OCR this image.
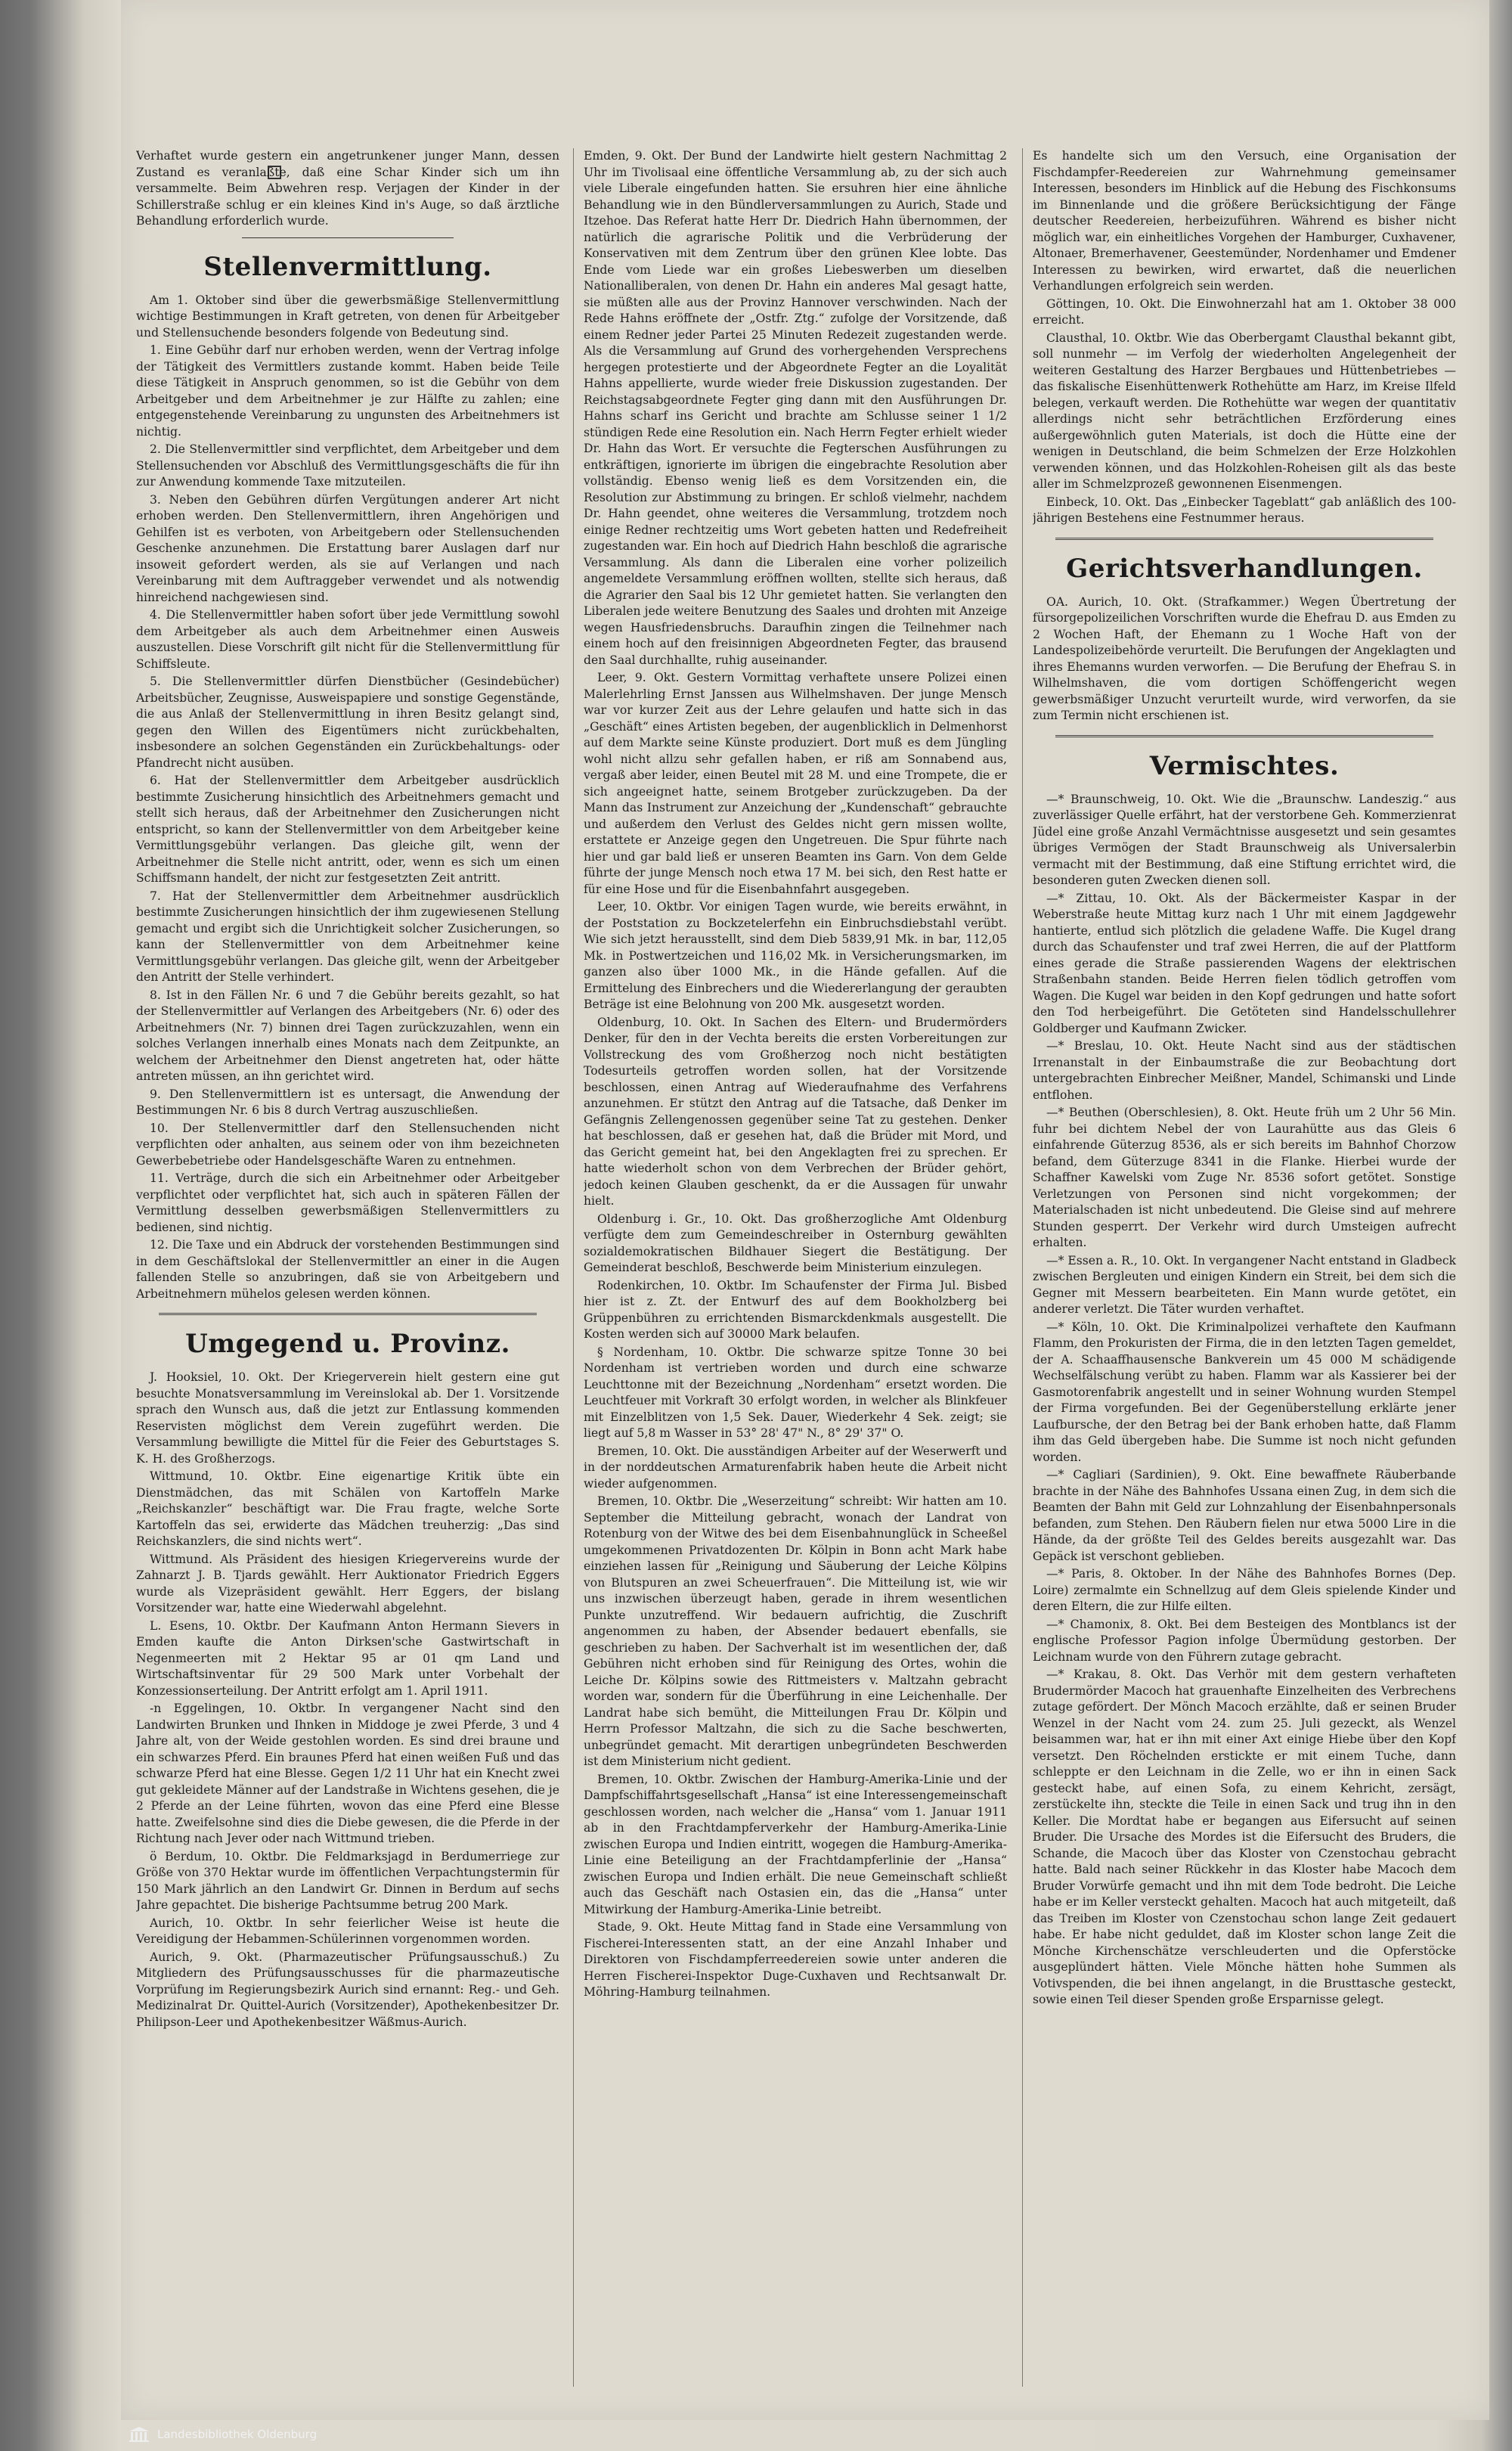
Verhaftet wurde gestern ein angetrunkener junger Mann, dessen Zustand es veranlaßte, daß eine Schar Kinder sich um ihn versammelte. Beim Abwehren resp. Verjagen der Kinder in der Schillerstraße schlug er ein kleines Kind in's Auge, so daß ärztliche Behandlung erforderlich wurde.

Stellenvermittlung.

Am 1. Oktober sind über die gewerbsmäßige Stellenvermittlung wichtige Bestimmungen in Kraft getreten, von denen für Arbeitgeber und Stellensuchende besonders folgende von Bedeutung sind.

1. Eine Gebühr darf nur erhoben werden, wenn der Vertrag infolge der Tätigkeit des Vermittlers zustande kommt. Haben beide Teile diese Tätigkeit in Anspruch genommen, so ist die Gebühr von dem Arbeitgeber und dem Arbeitnehmer je zur Hälfte zu zahlen; eine entgegenstehende Vereinbarung zu ungunsten des Arbeitnehmers ist nichtig.

2. Die Stellenvermittler sind verpflichtet, dem Arbeitgeber und dem Stellensuchenden vor Abschluß des Vermittlungsgeschäfts die für ihn zur Anwendung kommende Taxe mitzuteilen.

3. Neben den Gebühren dürfen Vergütungen anderer Art nicht erhoben werden. Den Stellenvermittlern, ihren Angehörigen und Gehilfen ist es verboten, von Arbeitgebern oder Stellensuchenden Geschenke anzunehmen. Die Erstattung barer Auslagen darf nur insoweit gefordert werden, als sie auf Verlangen und nach Vereinbarung mit dem Auftraggeber verwendet und als notwendig hinreichend nachgewiesen sind.

4. Die Stellenvermittler haben sofort über jede Vermittlung sowohl dem Arbeitgeber als auch dem Arbeitnehmer einen Ausweis auszustellen. Diese Vorschrift gilt nicht für die Stellenvermittlung für Schiffsleute.

5. Die Stellenvermittler dürfen Dienstbücher (Gesindebücher) Arbeitsbücher, Zeugnisse, Ausweispapiere und sonstige Gegenstände, die aus Anlaß der Stellenvermittlung in ihren Besitz gelangt sind, gegen den Willen des Eigentümers nicht zurückbehalten, insbesondere an solchen Gegenständen ein Zurückbehaltungs- oder Pfandrecht nicht ausüben.

6. Hat der Stellenvermittler dem Arbeitgeber ausdrücklich bestimmte Zusicherung hinsichtlich des Arbeitnehmers gemacht und stellt sich heraus, daß der Arbeitnehmer den Zusicherungen nicht entspricht, so kann der Stellenvermittler von dem Arbeitgeber keine Vermittlungsgebühr verlangen. Das gleiche gilt, wenn der Arbeitnehmer die Stelle nicht antritt, oder, wenn es sich um einen Schiffsmann handelt, der nicht zur festgesetzten Zeit antritt.

7. Hat der Stellenvermittler dem Arbeitnehmer ausdrücklich bestimmte Zusicherungen hinsichtlich der ihm zugewiesenen Stellung gemacht und ergibt sich die Unrichtigkeit solcher Zusicherungen, so kann der Stellenvermittler von dem Arbeitnehmer keine Vermittlungsgebühr verlangen. Das gleiche gilt, wenn der Arbeitgeber den Antritt der Stelle verhindert.

8. Ist in den Fällen Nr. 6 und 7 die Gebühr bereits gezahlt, so hat der Stellenvermittler auf Verlangen des Arbeitgebers (Nr. 6) oder des Arbeitnehmers (Nr. 7) binnen drei Tagen zurückzuzahlen, wenn ein solches Verlangen innerhalb eines Monats nach dem Zeitpunkte, an welchem der Arbeitnehmer den Dienst angetreten hat, oder hätte antreten müssen, an ihn gerichtet wird.

9. Den Stellenvermittlern ist es untersagt, die Anwendung der Bestimmungen Nr. 6 bis 8 durch Vertrag auszuschließen.

10. Der Stellenvermittler darf den Stellensuchenden nicht verpflichten oder anhalten, aus seinem oder von ihm bezeichneten Gewerbebetriebe oder Handelsgeschäfte Waren zu entnehmen.

11. Verträge, durch die sich ein Arbeitnehmer oder Arbeitgeber verpflichtet oder verpflichtet hat, sich auch in späteren Fällen der Vermittlung desselben gewerbsmäßigen Stellenvermittlers zu bedienen, sind nichtig.

12. Die Taxe und ein Abdruck der vorstehenden Bestimmungen sind in dem Geschäftslokal der Stellenvermittler an einer in die Augen fallenden Stelle so anzubringen, daß sie von Arbeitgebern und Arbeitnehmern mühelos gelesen werden können.

Umgegend u. Provinz.

J. Hooksiel, 10. Okt. Der Kriegerverein hielt gestern eine gut besuchte Monatsversammlung im Vereinslokal ab. Der 1. Vorsitzende sprach den Wunsch aus, daß die jetzt zur Entlassung kommenden Reservisten möglichst dem Verein zugeführt werden. Die Versammlung bewilligte die Mittel für die Feier des Geburtstages S. K. H. des Großherzogs.

Wittmund, 10. Oktbr. Eine eigenartige Kritik übte ein Dienstmädchen, das mit Schälen von Kartoffeln Marke „Reichskanzler“ beschäftigt war. Die Frau fragte, welche Sorte Kartoffeln das sei, erwiderte das Mädchen treuherzig: „Das sind Reichskanzlers, die sind nichts wert“.

Wittmund. Als Präsident des hiesigen Kriegervereins wurde der Zahnarzt J. B. Tjards gewählt. Herr Auktionator Friedrich Eggers wurde als Vizepräsident gewählt. Herr Eggers, der bislang Vorsitzender war, hatte eine Wiederwahl abgelehnt.

L. Esens, 10. Oktbr. Der Kaufmann Anton Hermann Sievers in Emden kaufte die Anton Dirksen'sche Gastwirtschaft in Negenmeerten mit 2 Hektar 95 ar 01 qm Land und Wirtschaftsinventar für 29 500 Mark unter Vorbehalt der Konzessionserteilung. Der Antritt erfolgt am 1. April 1911.

-n Eggelingen, 10. Oktbr. In vergangener Nacht sind den Landwirten Brunken und Ihnken in Middoge je zwei Pferde, 3 und 4 Jahre alt, von der Weide gestohlen worden. Es sind drei braune und ein schwarzes Pferd. Ein braunes Pferd hat einen weißen Fuß und das schwarze Pferd hat eine Blesse. Gegen 1/2 11 Uhr hat ein Knecht zwei gut gekleidete Männer auf der Landstraße in Wichtens gesehen, die je 2 Pferde an der Leine führten, wovon das eine Pferd eine Blesse hatte. Zweifelsohne sind dies die Diebe gewesen, die die Pferde in der Richtung nach Jever oder nach Wittmund trieben.

ö Berdum, 10. Oktbr. Die Feldmarksjagd in Berdumerriege zur Größe von 370 Hektar wurde im öffentlichen Verpachtungstermin für 150 Mark jährlich an den Landwirt Gr. Dinnen in Berdum auf sechs Jahre gepachtet. Die bisherige Pachtsumme betrug 200 Mark.

Aurich, 10. Oktbr. In sehr feierlicher Weise ist heute die Vereidigung der Hebammen-Schülerinnen vorgenommen worden.

Aurich, 9. Okt. (Pharmazeutischer Prüfungsausschuß.) Zu Mitgliedern des Prüfungsausschusses für die pharmazeutische Vorprüfung im Regierungsbezirk Aurich sind ernannt: Reg.- und Geh. Medizinalrat Dr. Quittel-Aurich (Vorsitzender), Apothekenbesitzer Dr. Philipson-Leer und Apothekenbesitzer Wäßmus-Aurich.

Emden, 9. Okt. Der Bund der Landwirte hielt gestern Nachmittag 2 Uhr im Tivolisaal eine öffentliche Versammlung ab, zu der sich auch viele Liberale eingefunden hatten. Sie ersuhren hier eine ähnliche Behandlung wie in den Bündlerversammlungen zu Aurich, Stade und Itzehoe. Das Referat hatte Herr Dr. Diedrich Hahn übernommen, der natürlich die agrarische Politik und die Verbrüderung der Konservativen mit dem Zentrum über den grünen Klee lobte. Das Ende vom Liede war ein großes Liebeswerben um dieselben Nationalliberalen, von denen Dr. Hahn ein anderes Mal gesagt hatte, sie müßten alle aus der Provinz Hannover verschwinden. Nach der Rede Hahns eröffnete der „Ostfr. Ztg.“ zufolge der Vorsitzende, daß einem Redner jeder Partei 25 Minuten Redezeit zugestanden werde. Als die Versammlung auf Grund des vorhergehenden Versprechens hergegen protestierte und der Abgeordnete Fegter an die Loyalität Hahns appellierte, wurde wieder freie Diskussion zugestanden. Der Reichstagsabgeordnete Fegter ging dann mit den Ausführungen Dr. Hahns scharf ins Gericht und brachte am Schlusse seiner 1 1/2 stündigen Rede eine Resolution ein. Nach Herrn Fegter erhielt wieder Dr. Hahn das Wort. Er versuchte die Fegterschen Ausführungen zu entkräftigen, ignorierte im übrigen die eingebrachte Resolution aber vollständig. Ebenso wenig ließ es dem Vorsitzenden ein, die Resolution zur Abstimmung zu bringen. Er schloß vielmehr, nachdem Dr. Hahn geendet, ohne weiteres die Versammlung, trotzdem noch einige Redner rechtzeitig ums Wort gebeten hatten und Redefreiheit zugestanden war. Ein hoch auf Diedrich Hahn beschloß die agrarische Versammlung. Als dann die Liberalen eine vorher polizeilich angemeldete Versammlung eröffnen wollten, stellte sich heraus, daß die Agrarier den Saal bis 12 Uhr gemietet hatten. Sie verlangten den Liberalen jede weitere Benutzung des Saales und drohten mit Anzeige wegen Hausfriedensbruchs. Daraufhin zingen die Teilnehmer nach einem hoch auf den freisinnigen Abgeordneten Fegter, das brausend den Saal durchhallte, ruhig auseinander.

Leer, 9. Okt. Gestern Vormittag verhaftete unsere Polizei einen Malerlehrling Ernst Janssen aus Wilhelmshaven. Der junge Mensch war vor kurzer Zeit aus der Lehre gelaufen und hatte sich in das „Geschäft“ eines Artisten begeben, der augenblicklich in Delmenhorst auf dem Markte seine Künste produziert. Dort muß es dem Jüngling wohl nicht allzu sehr gefallen haben, er riß am Sonnabend aus, vergaß aber leider, einen Beutel mit 28 M. und eine Trompete, die er sich angeeignet hatte, seinem Brotgeber zurückzugeben. Da der Mann das Instrument zur Anzeichung der „Kundenschaft“ gebrauchte und außerdem den Verlust des Geldes nicht gern missen wollte, erstattete er Anzeige gegen den Ungetreuen. Die Spur führte nach hier und gar bald ließ er unseren Beamten ins Garn. Von dem Gelde führte der junge Mensch noch etwa 17 M. bei sich, den Rest hatte er für eine Hose und für die Eisenbahnfahrt ausgegeben.

Leer, 10. Oktbr. Vor einigen Tagen wurde, wie bereits erwähnt, in der Poststation zu Bockzetelerfehn ein Einbruchsdiebstahl verübt. Wie sich jetzt herausstellt, sind dem Dieb 5839,91 Mk. in bar, 112,05 Mk. in Postwertzeichen und 116,02 Mk. in Versicherungsmarken, im ganzen also über 1000 Mk., in die Hände gefallen. Auf die Ermittelung des Einbrechers und die Wiedererlangung der geraubten Beträge ist eine Belohnung von 200 Mk. ausgesetzt worden.

Oldenburg, 10. Okt. In Sachen des Eltern- und Brudermörders Denker, für den in der Vechta bereits die ersten Vorbereitungen zur Vollstreckung des vom Großherzog noch nicht bestätigten Todesurteils getroffen worden sollen, hat der Vorsitzende beschlossen, einen Antrag auf Wiederaufnahme des Verfahrens anzunehmen. Er stützt den Antrag auf die Tatsache, daß Denker im Gefängnis Zellengenossen gegenüber seine Tat zu gestehen. Denker hat beschlossen, daß er gesehen hat, daß die Brüder mit Mord, und das Gericht gemeint hat, bei den Angeklagten frei zu sprechen. Er hatte wiederholt schon von dem Verbrechen der Brüder gehört, jedoch keinen Glauben geschenkt, da er die Aussagen für unwahr hielt.

Oldenburg i. Gr., 10. Okt. Das großherzogliche Amt Oldenburg verfügte dem zum Gemeindeschreiber in Osternburg gewählten sozialdemokratischen Bildhauer Siegert die Bestätigung. Der Gemeinderat beschloß, Beschwerde beim Ministerium einzulegen.

Rodenkirchen, 10. Oktbr. Im Schaufenster der Firma Jul. Bisbed hier ist z. Zt. der Entwurf des auf dem Bookholzberg bei Grüppenbühren zu errichtenden Bismarckdenkmals ausgestellt. Die Kosten werden sich auf 30000 Mark belaufen.

§ Nordenham, 10. Oktbr. Die schwarze spitze Tonne 30 bei Nordenham ist vertrieben worden und durch eine schwarze Leuchttonne mit der Bezeichnung „Nordenham“ ersetzt worden. Die Leuchtfeuer mit Vorkraft 30 erfolgt worden, in welcher als Blinkfeuer mit Einzelblitzen von 1,5 Sek. Dauer, Wiederkehr 4 Sek. zeigt; sie liegt auf 5,8 m Wasser in 53° 28' 47" N., 8° 29' 37" O.

Bremen, 10. Okt. Die ausständigen Arbeiter auf der Weserwerft und in der norddeutschen Armaturenfabrik haben heute die Arbeit nicht wieder aufgenommen.

Bremen, 10. Oktbr. Die „Weserzeitung“ schreibt: Wir hatten am 10. September die Mitteilung gebracht, wonach der Landrat von Rotenburg von der Witwe des bei dem Eisenbahnunglück in Scheeßel umgekommenen Privatdozenten Dr. Kölpin in Bonn acht Mark habe einziehen lassen für „Reinigung und Säuberung der Leiche Kölpins von Blutspuren an zwei Scheuerfrauen“. Die Mitteilung ist, wie wir uns inzwischen überzeugt haben, gerade in ihrem wesentlichen Punkte unzutreffend. Wir bedauern aufrichtig, die Zuschrift angenommen zu haben, der Absender bedauert ebenfalls, sie geschrieben zu haben. Der Sachverhalt ist im wesentlichen der, daß Gebühren nicht erhoben sind für Reinigung des Ortes, wohin die Leiche Dr. Kölpins sowie des Rittmeisters v. Maltzahn gebracht worden war, sondern für die Überführung in eine Leichenhalle. Der Landrat habe sich bemüht, die Mitteilungen Frau Dr. Kölpin und Herrn Professor Maltzahn, die sich zu die Sache beschwerten, unbegründet gemacht. Mit derartigen unbegründeten Beschwerden ist dem Ministerium nicht gedient.

Bremen, 10. Oktbr. Zwischen der Hamburg-Amerika-Linie und der Dampfschiffahrtsgesellschaft „Hansa“ ist eine Interessengemeinschaft geschlossen worden, nach welcher die „Hansa“ vom 1. Januar 1911 ab in den Frachtdampferverkehr der Hamburg-Amerika-Linie zwischen Europa und Indien eintritt, wogegen die Hamburg-Amerika-Linie eine Beteiligung an der Frachtdampferlinie der „Hansa“ zwischen Europa und Indien erhält. Die neue Gemeinschaft schließt auch das Geschäft nach Ostasien ein, das die „Hansa“ unter Mitwirkung der Hamburg-Amerika-Linie betreibt.

Stade, 9. Okt. Heute Mittag fand in Stade eine Versammlung von Fischerei-Interessenten statt, an der eine Anzahl Inhaber und Direktoren von Fischdampferreedereien sowie unter anderen die Herren Fischerei-Inspektor Duge-Cuxhaven und Rechtsanwalt Dr. Möhring-Hamburg teilnahmen.

Es handelte sich um den Versuch, eine Organisation der Fischdampfer-Reedereien zur Wahrnehmung gemeinsamer Interessen, besonders im Hinblick auf die Hebung des Fischkonsums im Binnenlande und die größere Berücksichtigung der Fänge deutscher Reedereien, herbeizuführen. Während es bisher nicht möglich war, ein einheitliches Vorgehen der Hamburger, Cuxhavener, Altonaer, Bremerhavener, Geestemünder, Nordenhamer und Emdener Interessen zu bewirken, wird erwartet, daß die neuerlichen Verhandlungen erfolgreich sein werden.

Göttingen, 10. Okt. Die Einwohnerzahl hat am 1. Oktober 38 000 erreicht.

Clausthal, 10. Oktbr. Wie das Oberbergamt Clausthal bekannt gibt, soll nunmehr — im Verfolg der wiederholten Angelegenheit der weiteren Gestaltung des Harzer Bergbaues und Hüttenbetriebes — das fiskalische Eisenhüttenwerk Rothehütte am Harz, im Kreise Ilfeld belegen, verkauft werden. Die Rothehütte war wegen der quantitativ allerdings nicht sehr beträchtlichen Erzförderung eines außergewöhnlich guten Materials, ist doch die Hütte eine der wenigen in Deutschland, die beim Schmelzen der Erze Holzkohlen verwenden können, und das Holzkohlen-Roheisen gilt als das beste aller im Schmelzprozeß gewonnenen Eisenmengen.

Einbeck, 10. Okt. Das „Einbecker Tageblatt“ gab anläßlich des 100-jährigen Bestehens eine Festnummer heraus.

Gerichtsverhandlungen.

OA. Aurich, 10. Okt. (Strafkammer.) Wegen Übertretung der fürsorgepolizeilichen Vorschriften wurde die Ehefrau D. aus Emden zu 2 Wochen Haft, der Ehemann zu 1 Woche Haft von der Landespolizeibehörde verurteilt. Die Berufungen der Angeklagten und ihres Ehemanns wurden verworfen. — Die Berufung der Ehefrau S. in Wilhelmshaven, die vom dortigen Schöffengericht wegen gewerbsmäßiger Unzucht verurteilt wurde, wird verworfen, da sie zum Termin nicht erschienen ist.

Vermischtes.

—* Braunschweig, 10. Okt. Wie die „Braunschw. Landeszig.“ aus zuverlässiger Quelle erfährt, hat der verstorbene Geh. Kommerzienrat Jüdel eine große Anzahl Vermächtnisse ausgesetzt und sein gesamtes übriges Vermögen der Stadt Braunschweig als Universalerbin vermacht mit der Bestimmung, daß eine Stiftung errichtet wird, die besonderen guten Zwecken dienen soll.

—* Zittau, 10. Okt. Als der Bäckermeister Kaspar in der Weberstraße heute Mittag kurz nach 1 Uhr mit einem Jagdgewehr hantierte, entlud sich plötzlich die geladene Waffe. Die Kugel drang durch das Schaufenster und traf zwei Herren, die auf der Plattform eines gerade die Straße passierenden Wagens der elektrischen Straßenbahn standen. Beide Herren fielen tödlich getroffen vom Wagen. Die Kugel war beiden in den Kopf gedrungen und hatte sofort den Tod herbeigeführt. Die Getöteten sind Handelsschullehrer Goldberger und Kaufmann Zwicker.

—* Breslau, 10. Okt. Heute Nacht sind aus der städtischen Irrenanstalt in der Einbaumstraße die zur Beobachtung dort untergebrachten Einbrecher Meißner, Mandel, Schimanski und Linde entflohen.

—* Beuthen (Oberschlesien), 8. Okt. Heute früh um 2 Uhr 56 Min. fuhr bei dichtem Nebel der von Laurahütte aus das Gleis 6 einfahrende Güterzug 8536, als er sich bereits im Bahnhof Chorzow befand, dem Güterzuge 8341 in die Flanke. Hierbei wurde der Schaffner Kawelski vom Zuge Nr. 8536 sofort getötet. Sonstige Verletzungen von Personen sind nicht vorgekommen; der Materialschaden ist nicht unbedeutend. Die Gleise sind auf mehrere Stunden gesperrt. Der Verkehr wird durch Umsteigen aufrecht erhalten.

—* Essen a. R., 10. Okt. In vergangener Nacht entstand in Gladbeck zwischen Bergleuten und einigen Kindern ein Streit, bei dem sich die Gegner mit Messern bearbeiteten. Ein Mann wurde getötet, ein anderer verletzt. Die Täter wurden verhaftet.

—* Köln, 10. Okt. Die Kriminalpolizei verhaftete den Kaufmann Flamm, den Prokuristen der Firma, die in den letzten Tagen gemeldet, der A. Schaaffhausensche Bankverein um 45 000 M schädigende Wechselfälschung verübt zu haben. Flamm war als Kassierer bei der Gasmotorenfabrik angestellt und in seiner Wohnung wurden Stempel der Firma vorgefunden. Bei der Gegenüberstellung erklärte jener Laufbursche, der den Betrag bei der Bank erhoben hatte, daß Flamm ihm das Geld übergeben habe. Die Summe ist noch nicht gefunden worden.

—* Cagliari (Sardinien), 9. Okt. Eine bewaffnete Räuberbande brachte in der Nähe des Bahnhofes Ussana einen Zug, in dem sich die Beamten der Bahn mit Geld zur Lohnzahlung der Eisenbahnpersonals befanden, zum Stehen. Den Räubern fielen nur etwa 5000 Lire in die Hände, da der größte Teil des Geldes bereits ausgezahlt war. Das Gepäck ist verschont geblieben.

—* Paris, 8. Oktober. In der Nähe des Bahnhofes Bornes (Dep. Loire) zermalmte ein Schnellzug auf dem Gleis spielende Kinder und deren Eltern, die zur Hilfe eilten.

—* Chamonix, 8. Okt. Bei dem Besteigen des Montblancs ist der englische Professor Pagion infolge Übermüdung gestorben. Der Leichnam wurde von den Führern zutage gebracht.

—* Krakau, 8. Okt. Das Verhör mit dem gestern verhafteten Brudermörder Macoch hat grauenhafte Einzelheiten des Verbrechens zutage gefördert. Der Mönch Macoch erzählte, daß er seinen Bruder Wenzel in der Nacht vom 24. zum 25. Juli gezeckt, als Wenzel beisammen war, hat er ihn mit einer Axt einige Hiebe über den Kopf versetzt. Den Röchelnden erstickte er mit einem Tuche, dann schleppte er den Leichnam in die Zelle, wo er ihn in einen Sack gesteckt habe, auf einen Sofa, zu einem Kehricht, zersägt, zerstückelte ihn, steckte die Teile in einen Sack und trug ihn in den Keller. Die Mordtat habe er begangen aus Eifersucht auf seinen Bruder. Die Ursache des Mordes ist die Eifersucht des Bruders, die Schande, die Macoch über das Kloster von Czenstochau gebracht hatte. Bald nach seiner Rückkehr in das Kloster habe Macoch dem Bruder Vorwürfe gemacht und ihn mit dem Tode bedroht. Die Leiche habe er im Keller versteckt gehalten. Macoch hat auch mitgeteilt, daß das Treiben im Kloster von Czenstochau schon lange Zeit gedauert habe. Er habe nicht geduldet, daß im Kloster schon lange Zeit die Mönche Kirchenschätze verschleuderten und die Opferstöcke ausgeplündert hätten. Viele Mönche hätten hohe Summen als Votivspenden, die bei ihnen angelangt, in die Brusttasche gesteckt, sowie einen Teil dieser Spenden große Ersparnisse gelegt.

Landesbibliothek Oldenburg
